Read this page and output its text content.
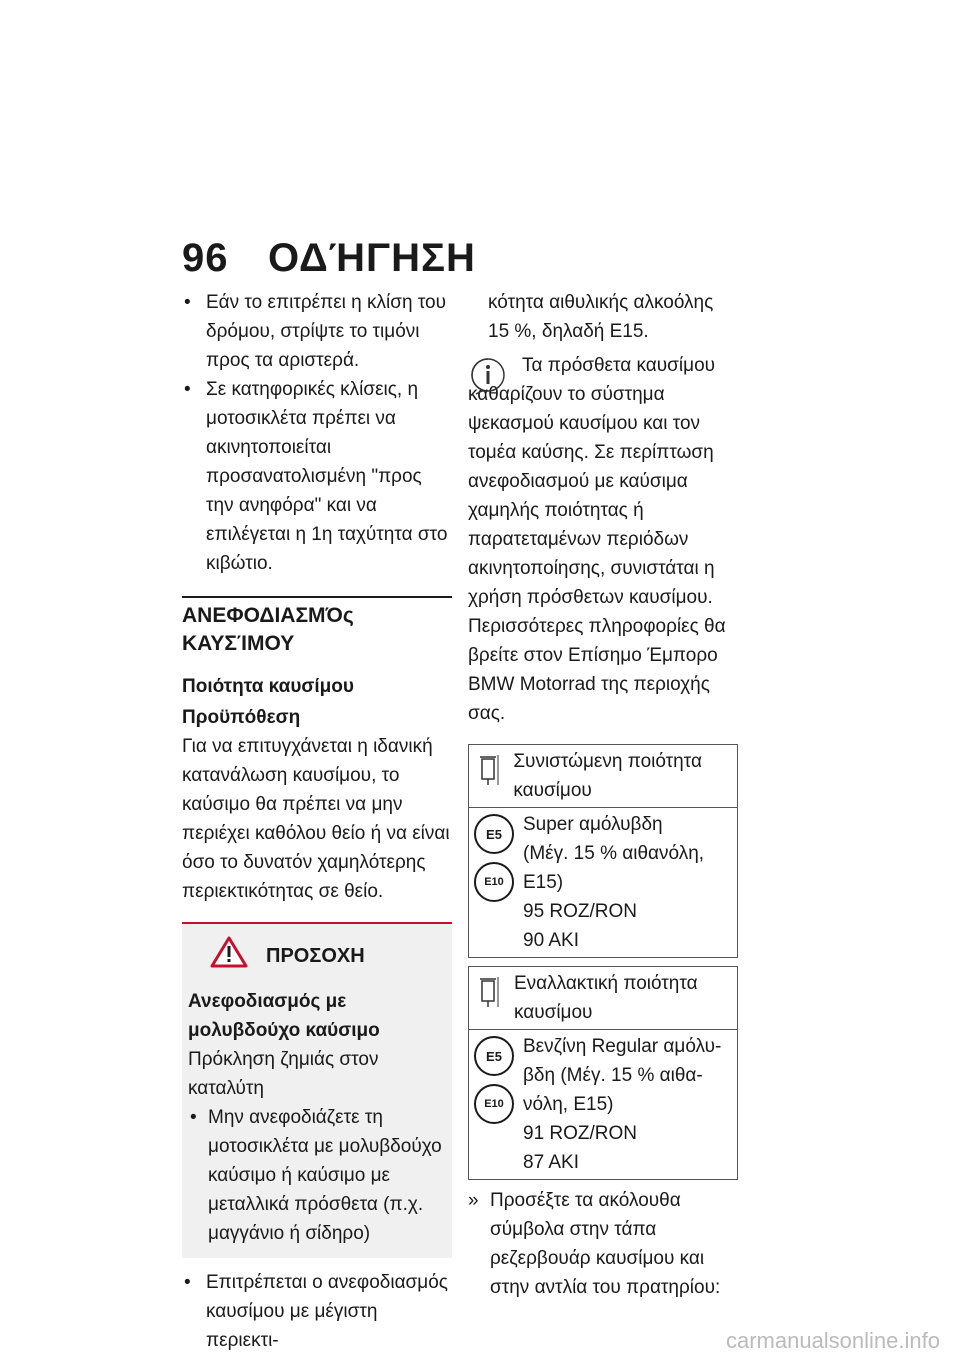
96 ΟΔΉΓΗΣΗ

• Εάν το επιτρέπει η κλίση του δρόμου, στρίψτε το τιμόνι προς τα αριστερά.

• Σε κατηφορικές κλίσεις, η μοτοσικλέτα πρέπει να ακινητοποιείται προσανατολισμένη "προς την ανηφόρα" και να επιλέγεται η 1η ταχύτητα στο κιβώτιο.

ΑΝΕΦΟΔΙΑΣΜΌς ΚΑΥΣΊΜΟΥ

Ποιότητα καυσίμου

Προϋπόθεση

Για να επιτυγχάνεται η ιδανική κατανάλωση καυσίμου, το καύσιμο θα πρέπει να μην περιέχει καθόλου θείο ή να είναι όσο το δυνατόν χαμηλότερης περιεκτικότητας σε θείο.

ΠΡΟΣΟΧΗ

Ανεφοδιασμός με μολυβδούχο καύσιμο

Πρόκληση ζημιάς στον καταλύτη

• Μην ανεφοδιάζετε τη μοτοσικλέτα με μολυβδούχο καύσιμο ή καύσιμο με μεταλλικά πρόσθετα (π.χ. μαγγάνιο ή σίδηρο)

• Επιτρέπεται ο ανεφοδιασμός καυσίμου με μέγιστη περιεκτι-

κότητα αιθυλικής αλκοόλης 15 %, δηλαδή E15.

Τα πρόσθετα καυσίμου καθαρίζουν το σύστημα ψεκασμού καυσίμου και τον τομέα καύσης. Σε περίπτωση ανεφοδιασμού με καύσιμα χαμηλής ποιότητας ή παρατεταμένων περιόδων ακινητοποίησης, συνιστάται η χρήση πρόσθετων καυσίμου. Περισσότερες πληροφορίες θα βρείτε στον Επίσημο Έμπορο BMW Motorrad της περιοχής σας.

Συνιστώμενη ποιότητα καυσίμου
E5
E10
Super αμόλυβδη
(Μέγ. 15 % αιθανόλη,
E15)
95 ROZ/RON
90 AKI
Εναλλακτική ποιότητα καυσίμου
E5
E10
Βενζίνη Regular αμόλυ-
βδη (Μέγ. 15 % αιθα-
νόλη, E15)
91 ROZ/RON
87 AKI

» Προσέξτε τα ακόλουθα σύμβολα στην τάπα ρεζερβουάρ καυσίμου και στην αντλία του πρατηρίου:

carmanualsonline.info
